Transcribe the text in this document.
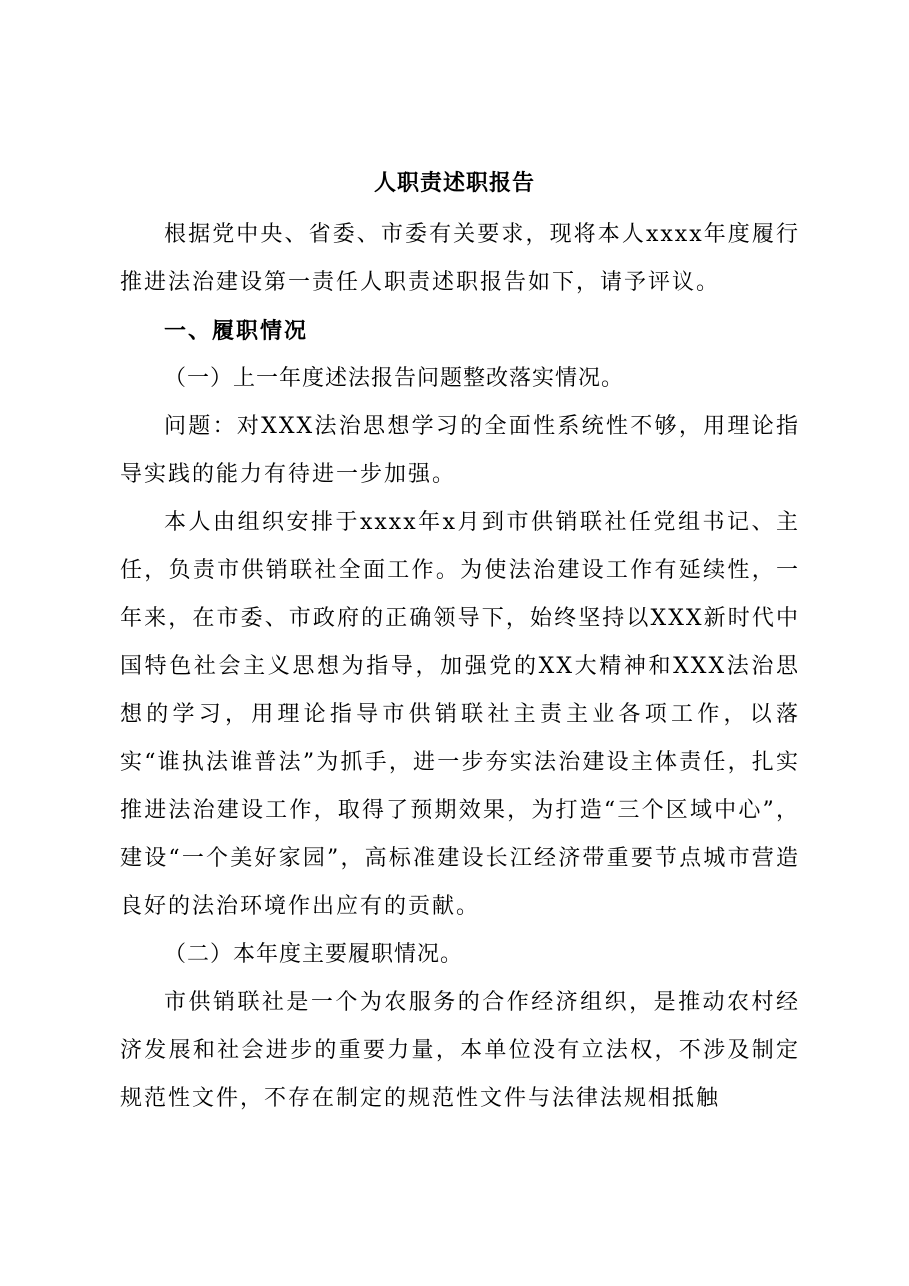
人职责述职报告

根据党中央、省委、市委有关要求，现将本人xxxx年度履行推进法治建设第一责任人职责述职报告如下，请予评议。

一、履职情况

（一）上一年度述法报告问题整改落实情况。

问题：对XXX法治思想学习的全面性系统性不够，用理论指导实践的能力有待进一步加强。

本人由组织安排于xxxx年x月到市供销联社任党组书记、主任，负责市供销联社全面工作。为使法治建设工作有延续性，一年来，在市委、市政府的正确领导下，始终坚持以XXX新时代中国特色社会主义思想为指导，加强党的XX大精神和XXX法治思想的学习，用理论指导市供销联社主责主业各项工作，以落实“谁执法谁普法”为抓手，进一步夯实法治建设主体责任，扎实推进法治建设工作，取得了预期效果，为打造“三个区域中心”，建设“一个美好家园”，高标准建设长江经济带重要节点城市营造良好的法治环境作出应有的贡献。

（二）本年度主要履职情况。

市供销联社是一个为农服务的合作经济组织，是推动农村经济发展和社会进步的重要力量，本单位没有立法权，不涉及制定规范性文件，不存在制定的规范性文件与法律法规相抵触
